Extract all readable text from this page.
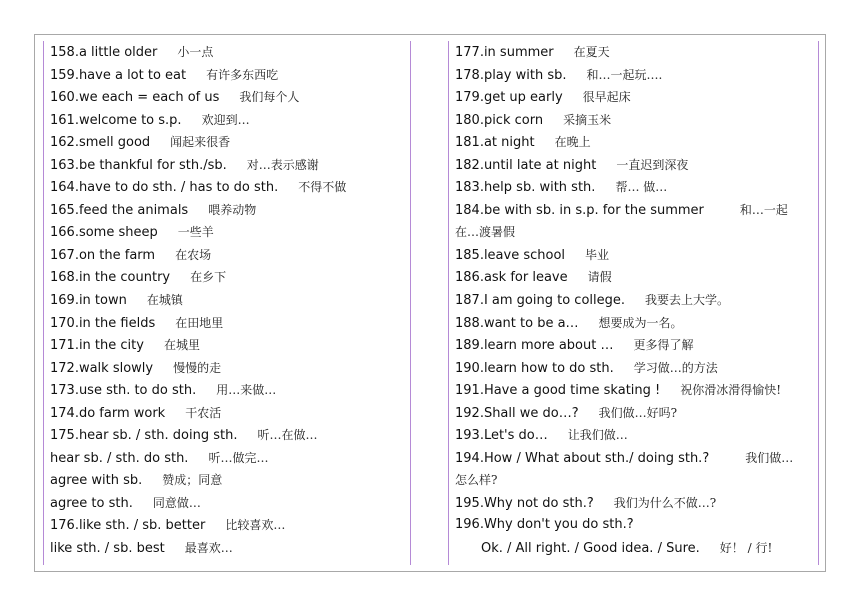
158.a little older 小一点
159.have a lot to eat 有许多东西吃
160.we each = each of us 我们每个人
161.welcome to s.p. 欢迎到…
162.smell good 闻起来很香
163.be thankful for sth./sb. 对…表示感谢
164.have to do sth. / has to do sth. 不得不做
165.feed the animals 喂养动物
166.some sheep 一些羊
167.on the farm 在农场
168.in the country 在乡下
169.in town 在城镇
170.in the fields 在田地里
171.in the city 在城里
172.walk slowly 慢慢的走
173.use sth. to do sth. 用…来做…
174.do farm work 干农活
175.hear sb. / sth. doing sth. 听…在做…
hear sb. / sth. do sth. 听…做完…
agree with sb. 赞成；同意
agree to sth. 同意做…
176.like sth. / sb. better 比较喜欢…
like sth. / sb. best 最喜欢…
177.in summer 在夏天
178.play with sb. 和…一起玩….
179.get up early 很早起床
180.pick corn 采摘玉米
181.at night 在晚上
182.until late at night 一直迟到深夜
183.help sb. with sth. 帮… 做…
184.be with sb. in s.p. for the summer	和…一起
在…渡暑假
185.leave school 毕业
186.ask for leave 请假
187.I am going to college. 我要去上大学。
188.want to be a… 想要成为一名。
189.learn more about … 更多得了解
190.learn how to do sth. 学习做…的方法
191.Have a good time skating ! 祝你滑冰滑得愉快!
192.Shall we do…? 我们做…好吗?
193.Let's do… 让我们做…
194.How / What about sth./ doing sth.?	我们做…
怎么样?
195.Why not do sth.? 我们为什么不做…?
196.Why don't you do sth.?
Ok. / All right. / Good idea. / Sure. 好！ / 行!
